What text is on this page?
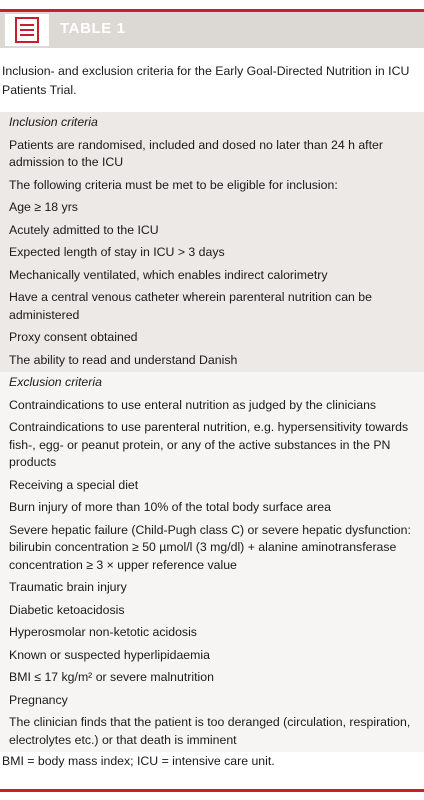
TABLE 1
Inclusion- and exclusion criteria for the Early Goal-Directed Nutrition in ICU Patients Trial.
Inclusion criteria
Patients are randomised, included and dosed no later than 24 h after admission to the ICU
The following criteria must be met to be eligible for inclusion:
Age ≥ 18 yrs
Acutely admitted to the ICU
Expected length of stay in ICU > 3 days
Mechanically ventilated, which enables indirect calorimetry
Have a central venous catheter wherein parenteral nutrition can be administered
Proxy consent obtained
The ability to read and understand Danish
Exclusion criteria
Contraindications to use enteral nutrition as judged by the clinicians
Contraindications to use parenteral nutrition, e.g. hypersensitivity towards fish-, egg- or peanut protein, or any of the active substances in the PN products
Receiving a special diet
Burn injury of more than 10% of the total body surface area
Severe hepatic failure (Child-Pugh class C) or severe hepatic dysfunction: bilirubin concentration ≥ 50 µmol/l (3 mg/dl) + alanine aminotransferase concentration ≥ 3 × upper reference value
Traumatic brain injury
Diabetic ketoacidosis
Hyperosmolar non-ketotic acidosis
Known or suspected hyperlipidaemia
BMI ≤ 17 kg/m² or severe malnutrition
Pregnancy
The clinician finds that the patient is too deranged (circulation, respiration, electrolytes etc.) or that death is imminent
BMI = body mass index; ICU = intensive care unit.
